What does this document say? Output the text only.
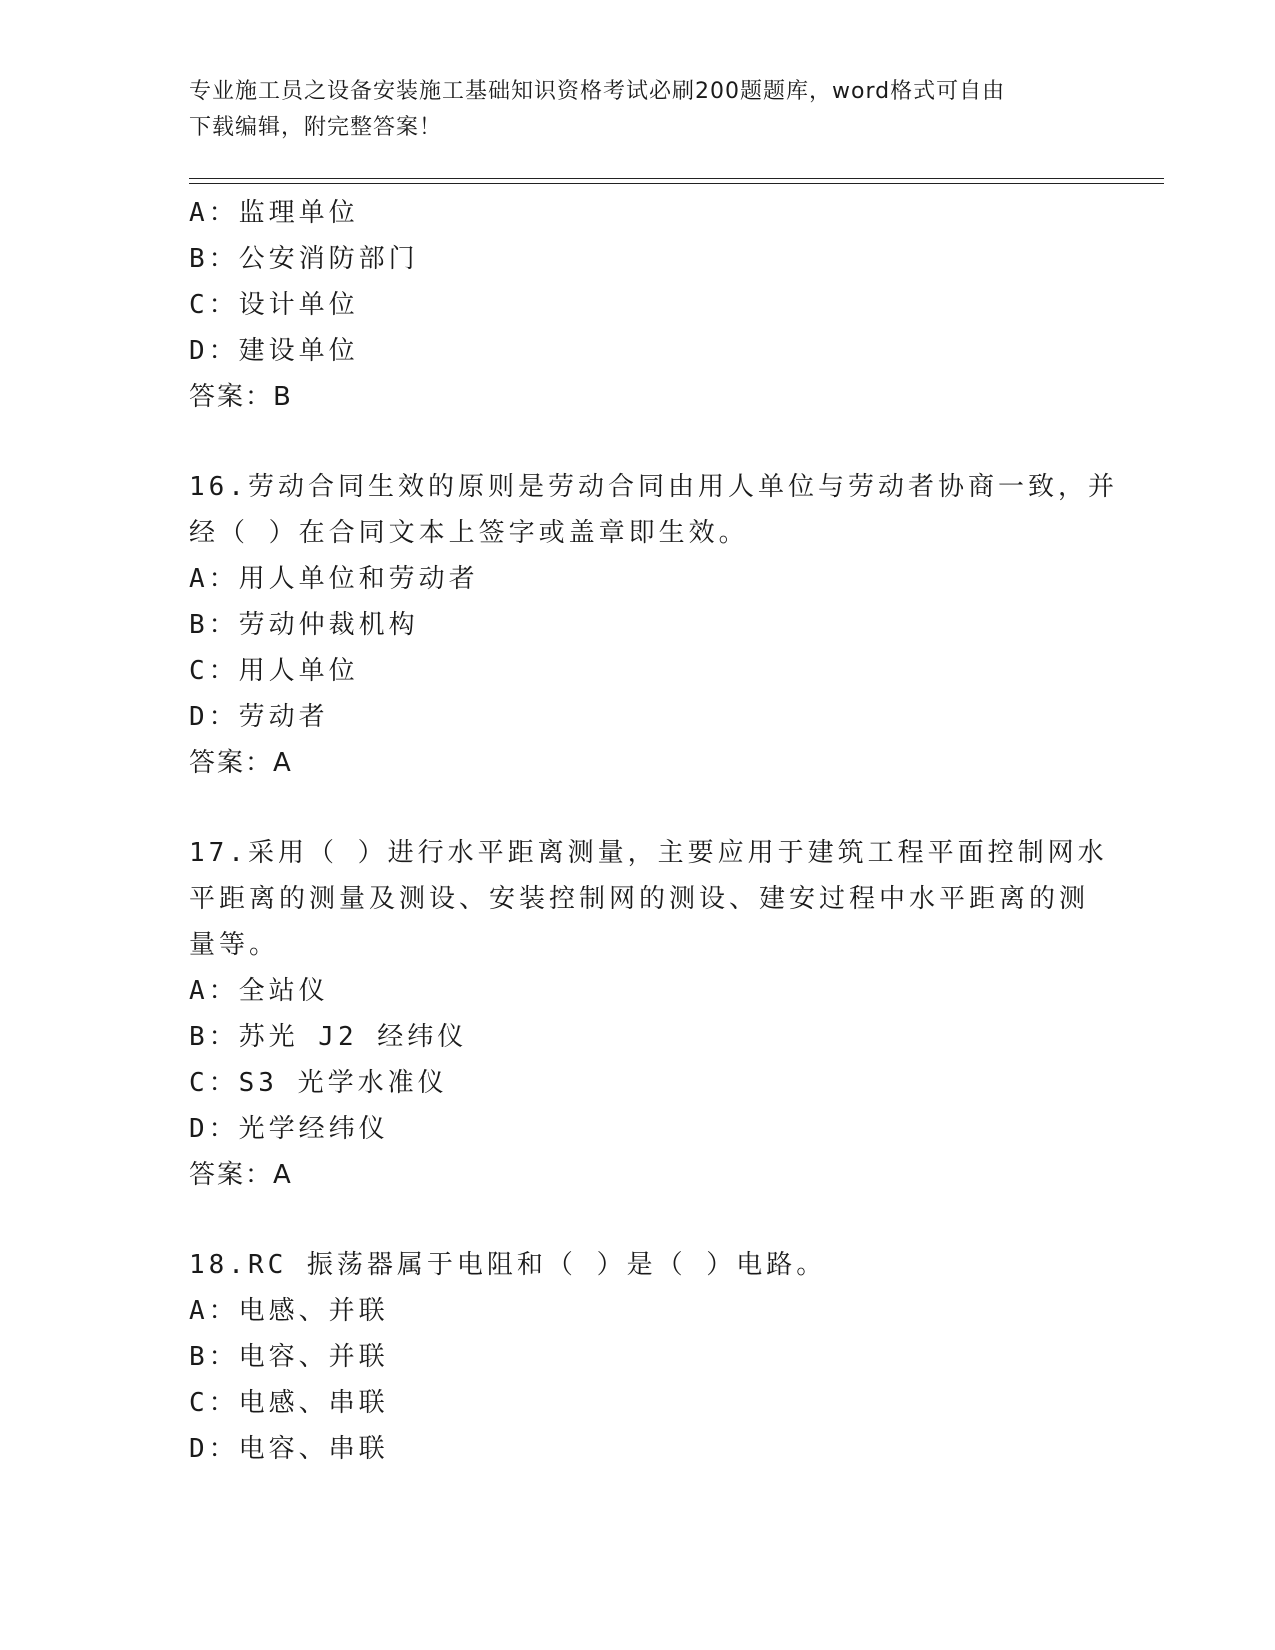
专业施工员之设备安装施工基础知识资格考试必刷200题题库，word格式可自由
下载编辑，附完整答案！
A：监理单位
B：公安消防部门
C：设计单位
D：建设单位
答案：B
16.劳动合同生效的原则是劳动合同由用人单位与劳动者协商一致，并
经（ ）在合同文本上签字或盖章即生效。
A：用人单位和劳动者
B：劳动仲裁机构
C：用人单位
D：劳动者
答案：A
17.采用（ ）进行水平距离测量，主要应用于建筑工程平面控制网水
平距离的测量及测设、安装控制网的测设、建安过程中水平距离的测
量等。
A：全站仪
B：苏光 J2 经纬仪
C：S3 光学水准仪
D：光学经纬仪
答案：A
18.RC 振荡器属于电阻和（ ）是（ ）电路。
A：电感、并联
B：电容、并联
C：电感、串联
D：电容、串联
